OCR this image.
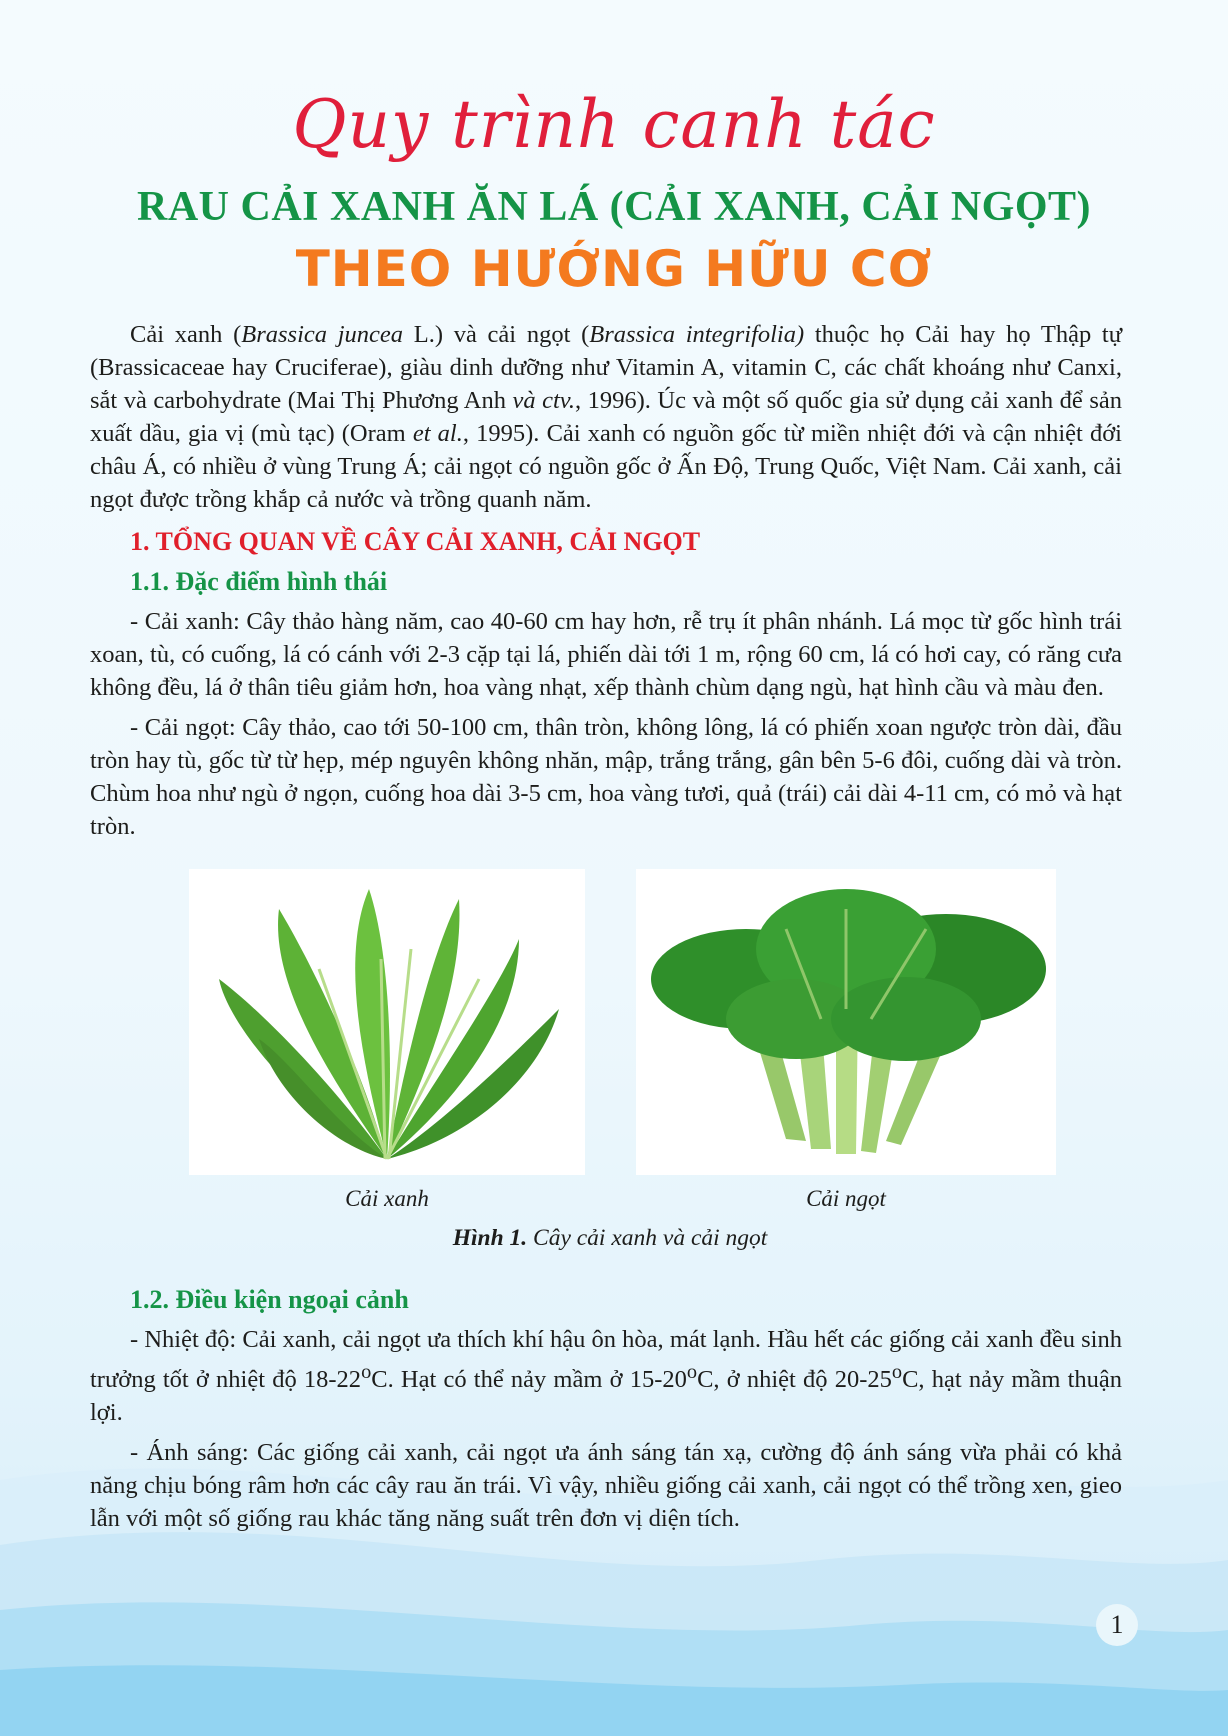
Quy trình canh tác
RAU CẢI XANH ĂN LÁ (CẢI XANH, CẢI NGỌT)
THEO HƯỚNG HỮU CƠ

Cải xanh (Brassica juncea L.) và cải ngọt (Brassica integrifolia) thuộc họ Cải hay họ Thập tự (Brassicaceae hay Cruciferae), giàu dinh dưỡng như Vitamin A, vitamin C, các chất khoáng như Canxi, sắt và carbohydrate (Mai Thị Phương Anh và ctv., 1996). Úc và một số quốc gia sử dụng cải xanh để sản xuất dầu, gia vị (mù tạc) (Oram et al., 1995). Cải xanh có nguồn gốc từ miền nhiệt đới và cận nhiệt đới châu Á, có nhiều ở vùng Trung Á; cải ngọt có nguồn gốc ở Ấn Độ, Trung Quốc, Việt Nam. Cải xanh, cải ngọt được trồng khắp cả nước và trồng quanh năm.

1. TỔNG QUAN VỀ CÂY CẢI XANH, CẢI NGỌT
1.1. Đặc điểm hình thái

- Cải xanh: Cây thảo hàng năm, cao 40-60 cm hay hơn, rễ trụ ít phân nhánh. Lá mọc từ gốc hình trái xoan, tù, có cuống, lá có cánh với 2-3 cặp tại lá, phiến dài tới 1 m, rộng 60 cm, lá có hơi cay, có răng cưa không đều, lá ở thân tiêu giảm hơn, hoa vàng nhạt, xếp thành chùm dạng ngù, hạt hình cầu và màu đen.

- Cải ngọt: Cây thảo, cao tới 50-100 cm, thân tròn, không lông, lá có phiến xoan ngược tròn dài, đầu tròn hay tù, gốc từ từ hẹp, mép nguyên không nhăn, mập, trắng trắng, gân bên 5-6 đôi, cuống dài và tròn. Chùm hoa như ngù ở ngọn, cuống hoa dài 3-5 cm, hoa vàng tươi, quả (trái) cải dài 4-11 cm, có mỏ và hạt tròn.

Cải xanh	Cải ngọt
Hình 1. Cây cải xanh và cải ngọt
1.2. Điều kiện ngoại cảnh

- Nhiệt độ: Cải xanh, cải ngọt ưa thích khí hậu ôn hòa, mát lạnh. Hầu hết các giống cải xanh đều sinh trưởng tốt ở nhiệt độ 18-22$^o$C. Hạt có thể nảy mầm ở 15-20$^o$C, ở nhiệt độ 20-25$^o$C, hạt nảy mầm thuận lợi.

- Ánh sáng: Các giống cải xanh, cải ngọt ưa ánh sáng tán xạ, cường độ ánh sáng vừa phải có khả năng chịu bóng râm hơn các cây rau ăn trái. Vì vậy, nhiều giống cải xanh, cải ngọt có thể trồng xen, gieo lẫn với một số giống rau khác tăng năng suất trên đơn vị diện tích.

1
